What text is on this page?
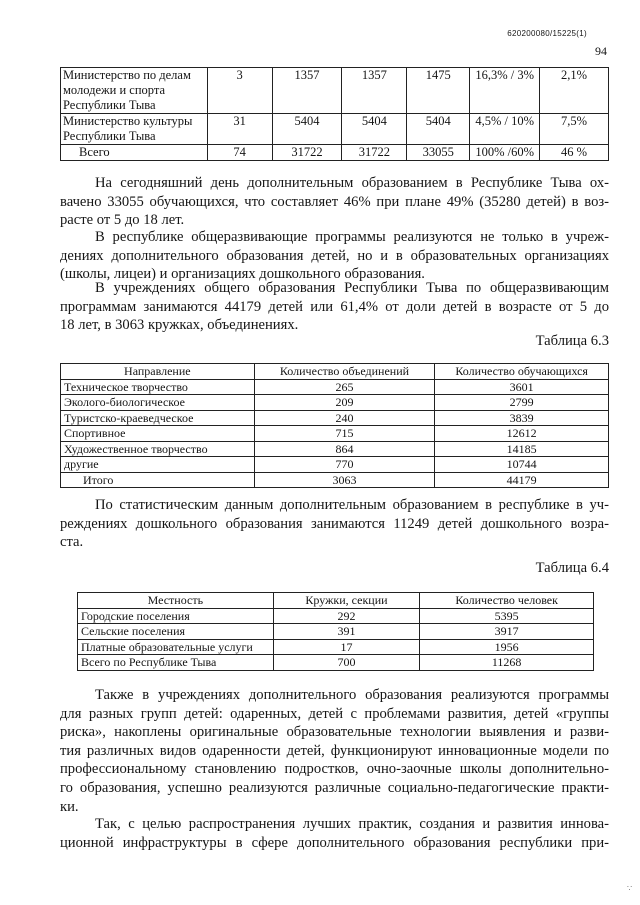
620200080/15225(1)
94
Министерство по делам молодежи и спорта Республики Тыва	3	1357	1357	1475	16,3% / 3%	2,1%
Министерство культуры Республики Тыва	31	5404	5404	5404	4,5% / 10%	7,5%
Всего	74	31722	31722	33055	100% /60%	46 %
На сегодняшний день дополнительным образованием в Республике Тыва ох-
вачено 33055 обучающихся, что составляет 46% при плане 49% (35280 детей) в воз-
расте от 5 до 18 лет.
В республике общеразвивающие программы реализуются не только в учреж-
дениях дополнительного образования детей, но и в образовательных организациях
(школы, лицеи) и организациях дошкольного образования.
В учреждениях общего образования Республики Тыва по общеразвивающим
программам занимаются 44179 детей или 61,4% от доли детей в возрасте от 5 до
18 лет, в 3063 кружках, объединениях.
Таблица 6.3
Направление	Количество объединений	Количество обучающихся
Техническое творчество	265	3601
Эколого-биологическое	209	2799
Туристско-краеведческое	240	3839
Спортивное	715	12612
Художественное творчество	864	14185
другие	770	10744
Итого	3063	44179
По статистическим данным дополнительным образованием в республике в уч-
реждениях дошкольного образования занимаются 11249 детей дошкольного возра-
ста.
Таблица 6.4
Местность	Кружки, секции	Количество человек
Городские поселения	292	5395
Сельские поселения	391	3917
Платные образовательные услуги	17	1956
Всего по Республике Тыва	700	11268
Также в учреждениях дополнительного образования реализуются программы
для разных групп детей: одаренных, детей с проблемами развития, детей «группы
риска», накоплены оригинальные образовательные технологии выявления и разви-
тия различных видов одаренности детей, функционируют инновационные модели по
профессиональному становлению подростков, очно-заочные школы дополнительно-
го образования, успешно реализуются различные социально-педагогические практи-
ки.
Так, с целью распространения лучших практик, создания и развития иннова-
ционной инфраструктуры в сфере дополнительного образования республики при-
∵
